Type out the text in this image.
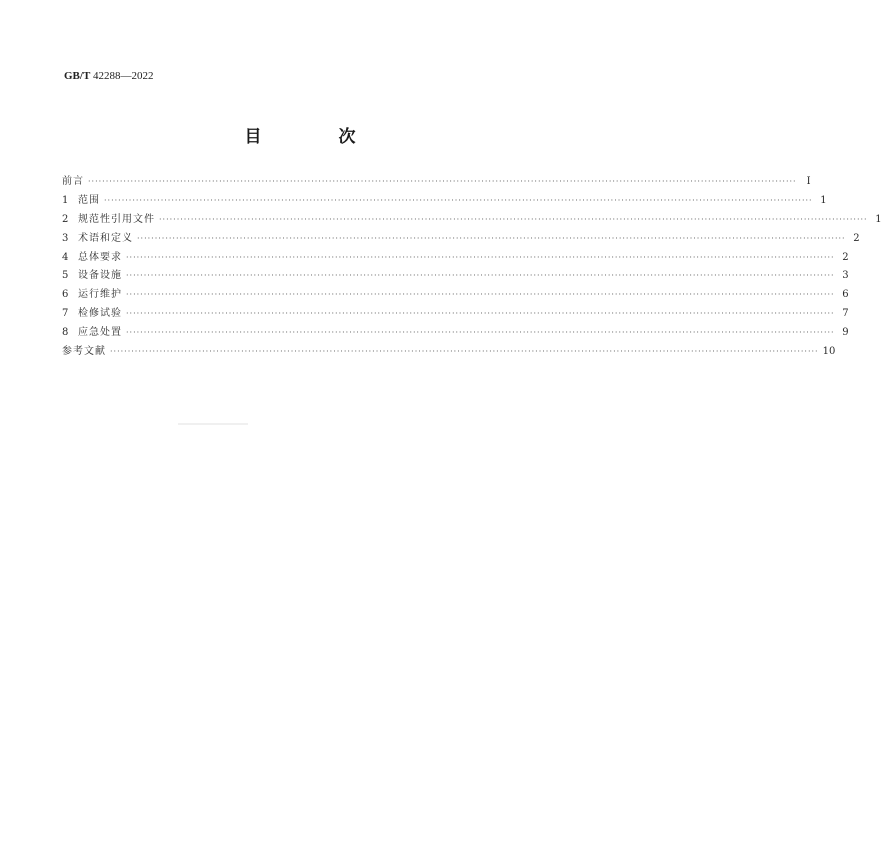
GB/T 42288—2022
目　次
前言 ········································································································································································································	Ⅰ
1 范围 ········································································································································································································ 1
2 规范性引用文件 ········································································································································································································ 1
3 术语和定义 ········································································································································································································ 2
4 总体要求 ········································································································································································································ 2
5 设备设施 ········································································································································································································ 3
6 运行维护 ········································································································································································································ 6
7 检修试验 ········································································································································································································ 7
8 应急处置 ········································································································································································································ 9
参考文献 ········································································································································································································ 10
